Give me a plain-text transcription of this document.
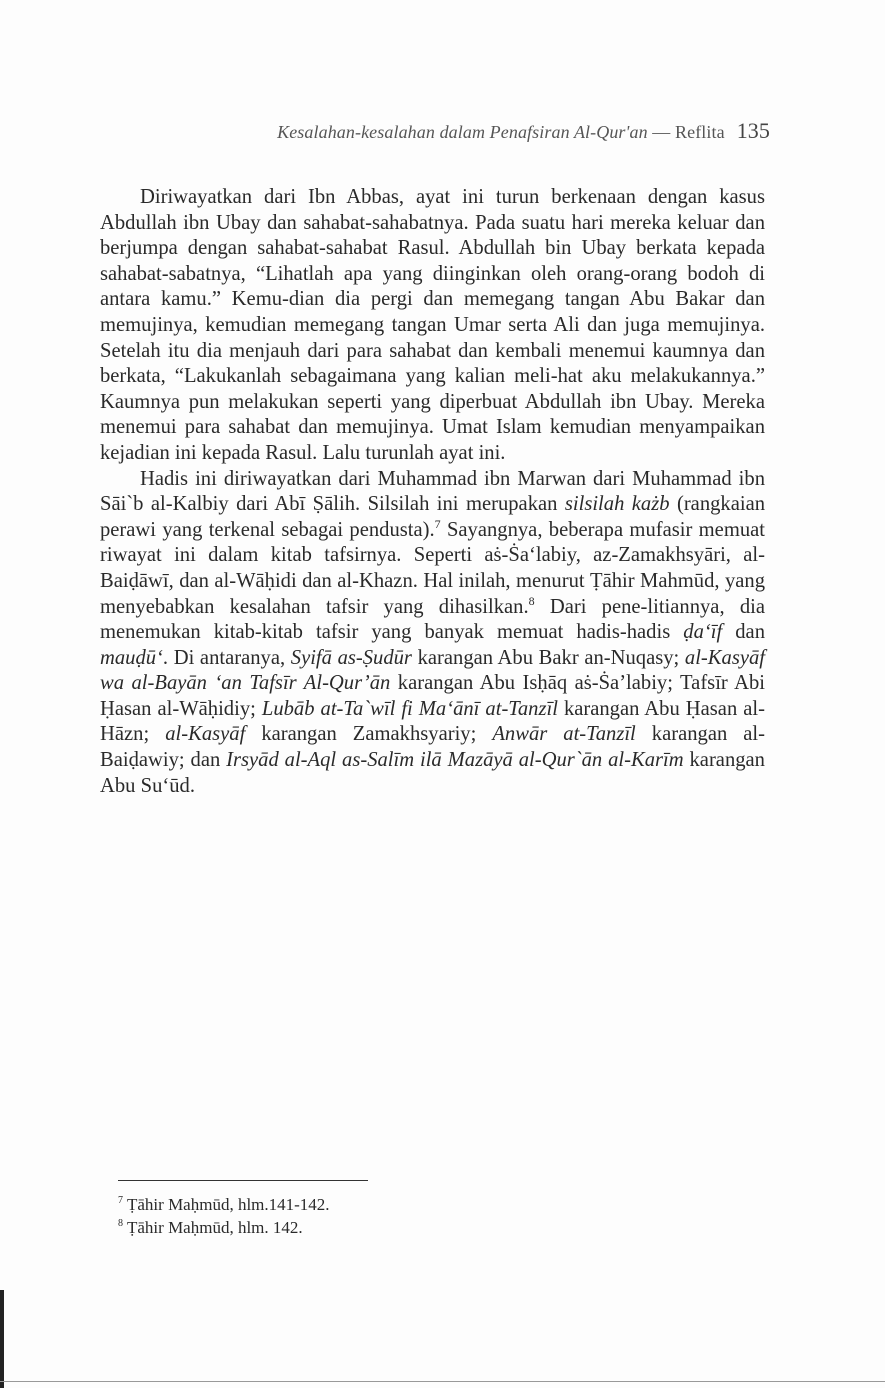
Kesalahan-kesalahan dalam Penafsiran Al-Qur'an — Reflita 135

Diriwayatkan dari Ibn Abbas, ayat ini turun berkenaan dengan kasus Abdullah ibn Ubay dan sahabat-sahabatnya. Pada suatu hari mereka keluar dan berjumpa dengan sahabat-sahabat Rasul. Abdullah bin Ubay berkata kepada sahabat-sabatnya, “Lihatlah apa yang diinginkan oleh orang-orang bodoh di antara kamu.” Kemu-dian dia pergi dan memegang tangan Abu Bakar dan memujinya, kemudian memegang tangan Umar serta Ali dan juga memujinya. Setelah itu dia menjauh dari para sahabat dan kembali menemui kaumnya dan berkata, “Lakukanlah sebagaimana yang kalian meli-hat aku melakukannya.” Kaumnya pun melakukan seperti yang diperbuat Abdullah ibn Ubay. Mereka menemui para sahabat dan memujinya. Umat Islam kemudian menyampaikan kejadian ini kepada Rasul. Lalu turunlah ayat ini.

Hadis ini diriwayatkan dari Muhammad ibn Marwan dari Muhammad ibn Sāi`b al-Kalbiy dari Abī Ṣālih. Silsilah ini merupakan silsilah każb (rangkaian perawi yang terkenal sebagai pendusta).$^7$ Sayangnya, beberapa mufasir memuat riwayat ini dalam kitab tafsirnya. Seperti aṡ-Ṡa‘labiy, az-Zamakhsyāri, al-Baiḍāwī, dan al-Wāḥidi dan al-Khazn. Hal inilah, menurut Ṭāhir Mahmūd, yang menyebabkan kesalahan tafsir yang dihasilkan.$^8$ Dari pene-litiannya, dia menemukan kitab-kitab tafsir yang banyak memuat hadis-hadis ḍa‘īf dan mauḍū‘. Di antaranya, Syifā as-Ṣudūr karangan Abu Bakr an-Nuqasy; al-Kasyāf wa al-Bayān ‘an Tafsīr Al-Qur’ān karangan Abu Isḥāq aṡ-Ṡa’labiy; Tafsīr Abi Ḥasan al-Wāḥidiy; Lubāb at-Ta`wīl fi Ma‘ānī at-Tanzīl karangan Abu Ḥasan al-Hāzn; al-Kasyāf karangan Zamakhsyariy; Anwār at-Tanzīl karangan al-Baiḍawiy; dan Irsyād al-Aql as-Salīm ilā Mazāyā al-Qur`ān al-Karīm karangan Abu Su‘ūd.

$^7$ Ṭāhir Maḥmūd, hlm.141-142.
$^8$ Ṭāhir Maḥmūd, hlm. 142.
